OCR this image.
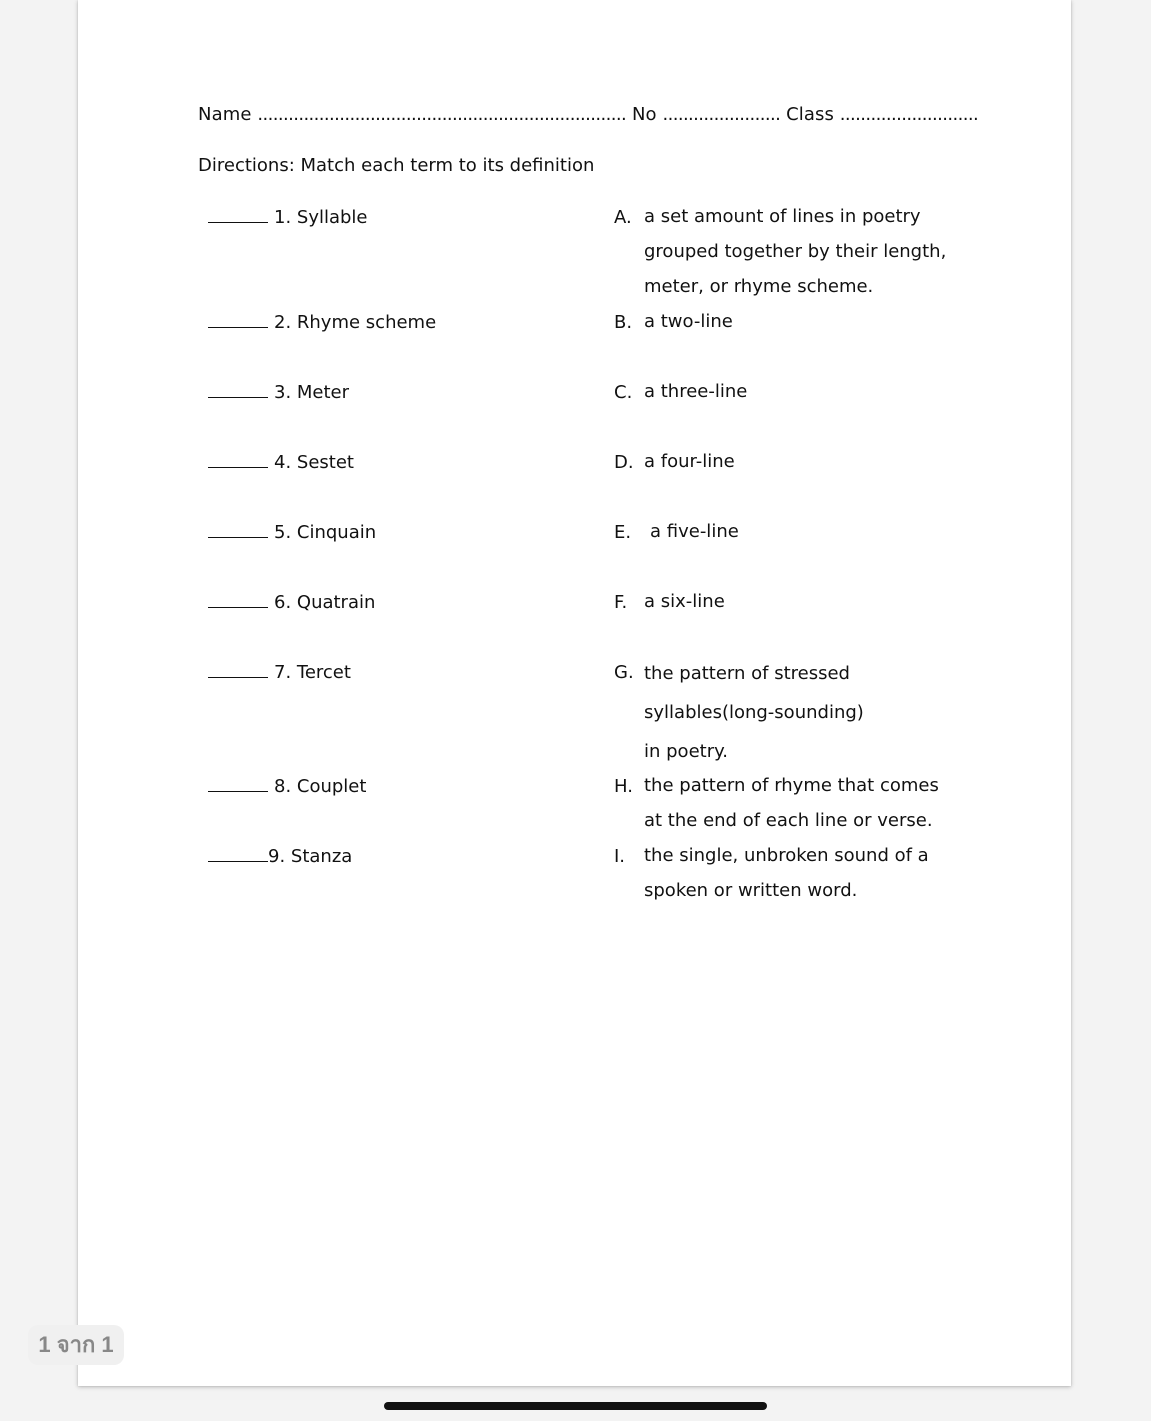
Name ........................................................................ No ....................... Class ...........................
Directions: Match each term to its definition
1. Syllable
2. Rhyme scheme
3. Meter
4. Sestet
5. Cinquain
6. Quatrain
7. Tercet
8. Couplet
9. Stanza
A. a set amount of lines in poetry grouped together by their length, meter, or rhyme scheme.
B. a two-line
C. a three-line
D. a four-line
E. a five-line
F. a six-line
G. the pattern of stressed syllables(long-sounding) in poetry.
H. the pattern of rhyme that comes at the end of each line or verse.
I. the single, unbroken sound of a spoken or written word.
1 จาก 1
